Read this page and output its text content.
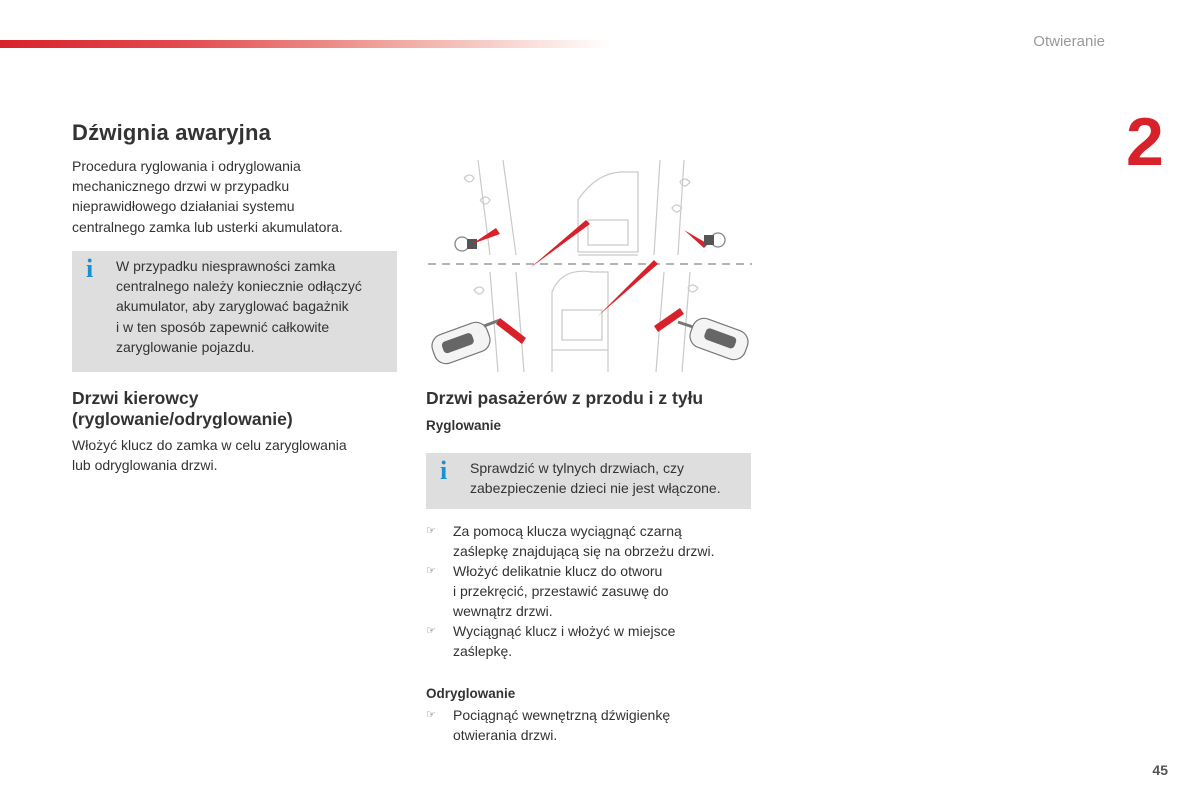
Otwieranie
2
Dźwignia awaryjna

Procedura ryglowania i odryglowania
mechanicznego drzwi w przypadku
nieprawidłowego działaniai systemu
centralnego zamka lub usterki akumulatora.

i	W przypadku niesprawności zamka
centralnego należy koniecznie odłączyć
akumulator, aby zaryglować bagażnik
i w ten sposób zapewnić całkowite
zaryglowanie pojazdu.
Drzwi kierowcy
(ryglowanie/odryglowanie)

Włożyć klucz do zamka w celu zaryglowania
lub odryglowania drzwi.

Drzwi pasażerów z przodu i z tyłu

Ryglowanie

i	Sprawdzić w tylnych drzwiach, czy
zabezpieczenie dzieci nie jest włączone.
☞ Za pomocą klucza wyciągnąć czarną
zaślepkę znajdującą się na obrzeżu drzwi.
☞ Włożyć delikatnie klucz do otworu
i przekręcić, przestawić zasuwę do
wewnątrz drzwi.
☞ Wyciągnąć klucz i włożyć w miejsce
zaślepkę.

Odryglowanie

☞ Pociągnąć wewnętrzną dźwigienkę
otwierania drzwi.
45
